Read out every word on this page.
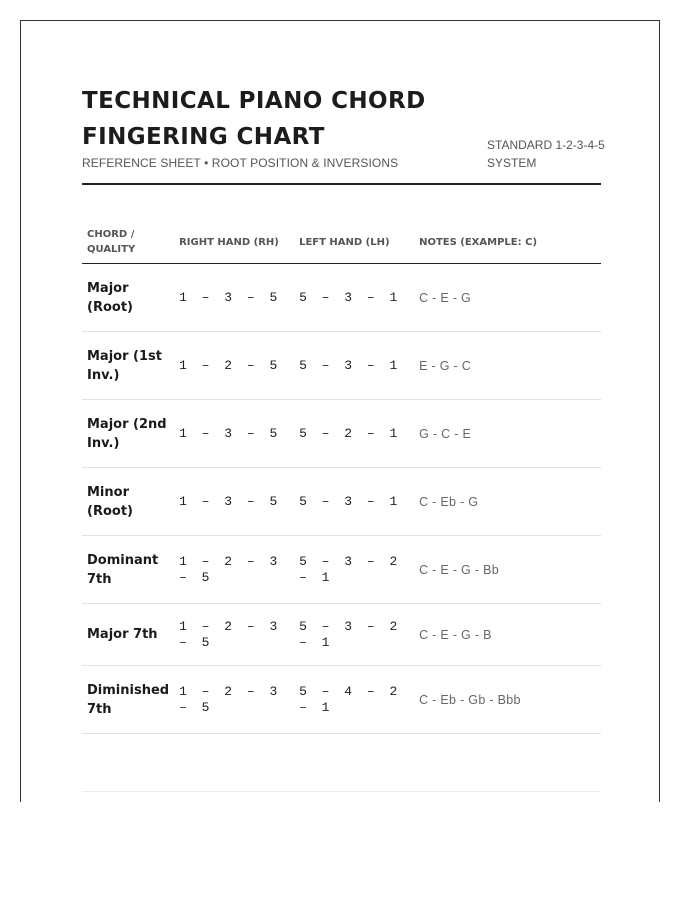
TECHNICAL PIANO CHORD FINGERING CHART
REFERENCE SHEET • ROOT POSITION & INVERSIONS
STANDARD 1-2-3-4-5 SYSTEM
CHORD / QUALITY	RIGHT HAND (RH)	LEFT HAND (LH)	NOTES (EXAMPLE: C)
Major (Root)	1 – 3 – 5	5 – 3 – 1	C - E - G
Major (1st Inv.)	1 – 2 – 5	5 – 3 – 1	E - G - C
Major (2nd Inv.)	1 – 3 – 5	5 – 2 – 1	G - C - E
Minor (Root)	1 – 3 – 5	5 – 3 – 1	C - Eb - G
Dominant 7th	1 – 2 – 3 – 5	5 – 3 – 2 – 1	C - E - G - Bb
Major 7th	1 – 2 – 3 – 5	5 – 3 – 2 – 1	C - E - G - B
Diminished 7th	1 – 2 – 3 – 5	5 – 4 – 2 – 1	C - Eb - Gb - Bbb
